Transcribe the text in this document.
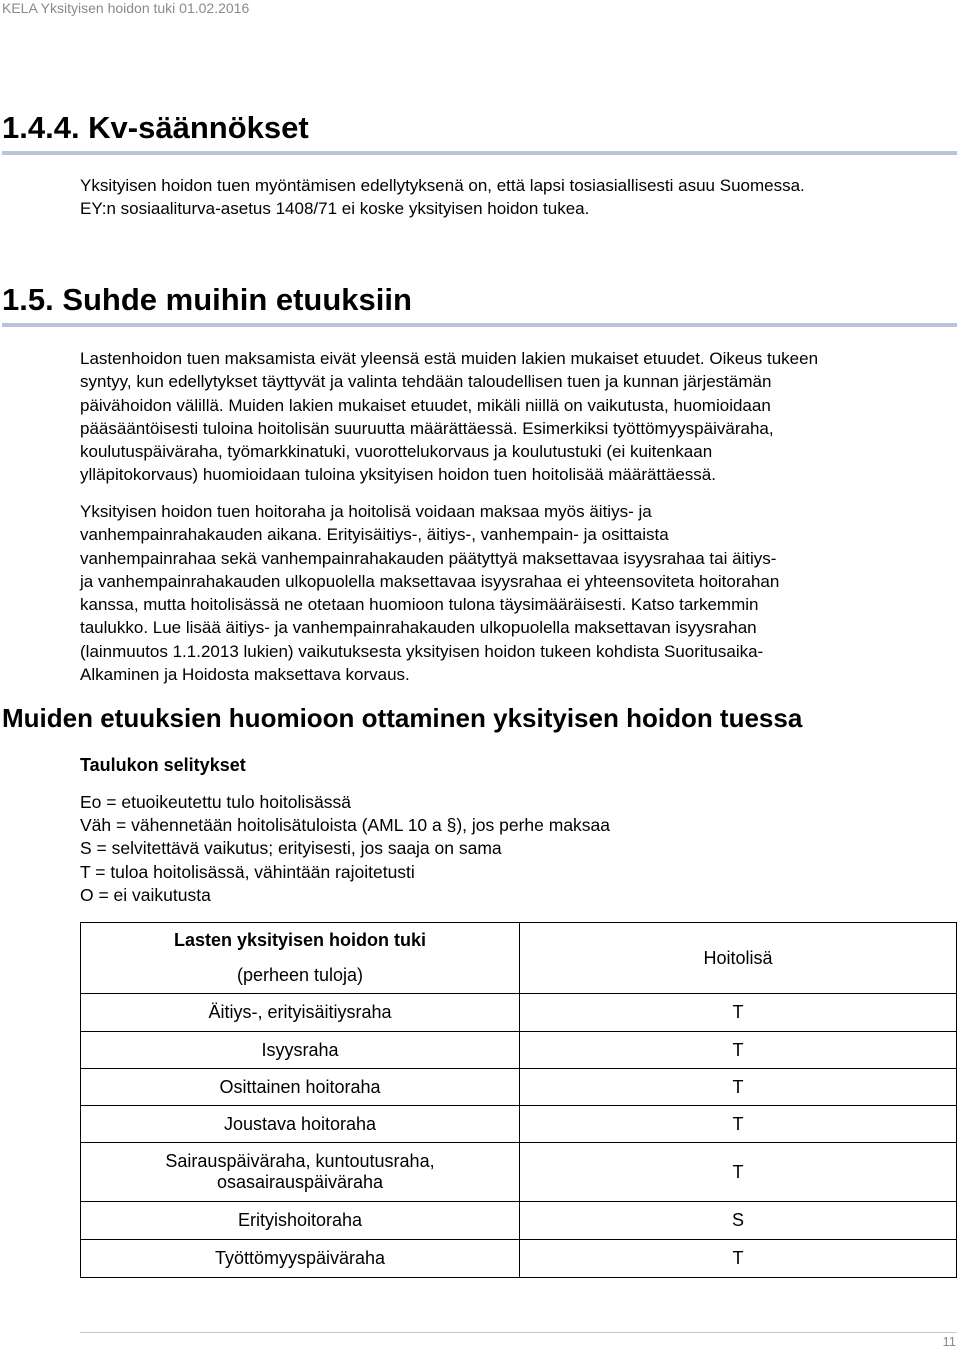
KELA Yksityisen hoidon tuki 01.02.2016
1.4.4. Kv-säännökset
Yksityisen hoidon tuen myöntämisen edellytyksenä on, että lapsi tosiasiallisesti asuu Suomessa.
EY:n sosiaaliturva-asetus 1408/71 ei koske yksityisen hoidon tukea.
1.5. Suhde muihin etuuksiin
Lastenhoidon tuen maksamista eivät yleensä estä muiden lakien mukaiset etuudet. Oikeus tukeen
syntyy, kun edellytykset täyttyvät ja valinta tehdään taloudellisen tuen ja kunnan järjestämän
päivähoidon välillä. Muiden lakien mukaiset etuudet, mikäli niillä on vaikutusta, huomioidaan
pääsääntöisesti tuloina hoitolisän suuruutta määrättäessä. Esimerkiksi työttömyyspäiväraha,
koulutuspäiväraha, työmarkkinatuki, vuorottelukorvaus ja koulutustuki (ei kuitenkaan
ylläpitokorvaus) huomioidaan tuloina yksityisen hoidon tuen hoitolisää määrättäessä.
Yksityisen hoidon tuen hoitoraha ja hoitolisä voidaan maksaa myös äitiys- ja
vanhempainrahakauden aikana. Erityisäitiys-, äitiys-, vanhempain- ja osittaista
vanhempainrahaa sekä vanhempainrahakauden päätyttyä maksettavaa isyysrahaa tai äitiys-
ja vanhempainrahakauden ulkopuolella maksettavaa isyysrahaa ei yhteensoviteta hoitorahan
kanssa, mutta hoitolisässä ne otetaan huomioon tulona täysimääräisesti. Katso tarkemmin
taulukko. Lue lisää äitiys- ja vanhempainrahakauden ulkopuolella maksettavan isyysrahan
(lainmuutos 1.1.2013 lukien) vaikutuksesta yksityisen hoidon tukeen kohdista Suoritusaika-
Alkaminen ja Hoidosta maksettava korvaus.
Muiden etuuksien huomioon ottaminen yksityisen hoidon tuessa
Taulukon selitykset
Eo = etuoikeutettu tulo hoitolisässä
Väh = vähennetään hoitolisätuloista (AML 10 a §), jos perhe maksaa
S = selvitettävä vaikutus; erityisesti, jos saaja on sama
T = tuloa hoitolisässä, vähintään rajoitetusti
O = ei vaikutusta
Lasten yksityisen hoidon tuki
(perheen tuloja)	Hoitolisä
Äitiys-, erityisäitiysraha	T
Isyysraha	T
Osittainen hoitoraha	T
Joustava hoitoraha	T

Sairauspäiväraha, kuntoutusraha,
osasairauspäiväraha	T
Erityishoitoraha	S
Työttömyyspäiväraha	T
11
